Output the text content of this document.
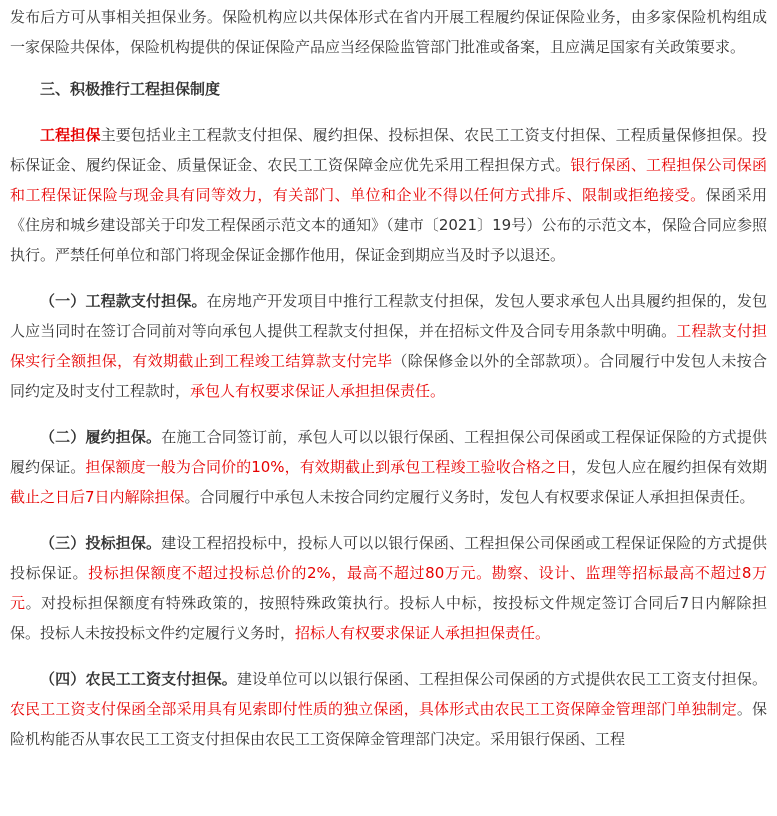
发布后方可从事相关担保业务。保险机构应以共保体形式在省内开展工程履约保证保险业务，由多家保险机构组成一家保险共保体，保险机构提供的保证保险产品应当经保险监管部门批准或备案，且应满足国家有关政策要求。

三、积极推行工程担保制度

工程担保主要包括业主工程款支付担保、履约担保、投标担保、农民工工资支付担保、工程质量保修担保。投标保证金、履约保证金、质量保证金、农民工工资保障金应优先采用工程担保方式。银行保函、工程担保公司保函和工程保证保险与现金具有同等效力，有关部门、单位和企业不得以任何方式排斥、限制或拒绝接受。保函采用《住房和城乡建设部关于印发工程保函示范文本的通知》（建市〔2021〕19号）公布的示范文本，保险合同应参照执行。严禁任何单位和部门将现金保证金挪作他用，保证金到期应当及时予以退还。

（一）工程款支付担保。在房地产开发项目中推行工程款支付担保，发包人要求承包人出具履约担保的，发包人应当同时在签订合同前对等向承包人提供工程款支付担保，并在招标文件及合同专用条款中明确。工程款支付担保实行全额担保，有效期截止到工程竣工结算款支付完毕（除保修金以外的全部款项）。合同履行中发包人未按合同约定及时支付工程款时，承包人有权要求保证人承担担保责任。

（二）履约担保。在施工合同签订前，承包人可以以银行保函、工程担保公司保函或工程保证保险的方式提供履约保证。担保额度一般为合同价的10%，有效期截止到承包工程竣工验收合格之日，发包人应在履约担保有效期截止之日后7日内解除担保。合同履行中承包人未按合同约定履行义务时，发包人有权要求保证人承担担保责任。

（三）投标担保。建设工程招投标中，投标人可以以银行保函、工程担保公司保函或工程保证保险的方式提供投标保证。投标担保额度不超过投标总价的2%，最高不超过80万元。勘察、设计、监理等招标最高不超过8万元。对投标担保额度有特殊政策的，按照特殊政策执行。投标人中标，按投标文件规定签订合同后7日内解除担保。投标人未按投标文件约定履行义务时，招标人有权要求保证人承担担保责任。

（四）农民工工资支付担保。建设单位可以以银行保函、工程担保公司保函的方式提供农民工工资支付担保。农民工工资支付保函全部采用具有见索即付性质的独立保函，具体形式由农民工工资保障金管理部门单独制定。保险机构能否从事农民工工资支付担保由农民工工资保障金管理部门决定。采用银行保函、工程
